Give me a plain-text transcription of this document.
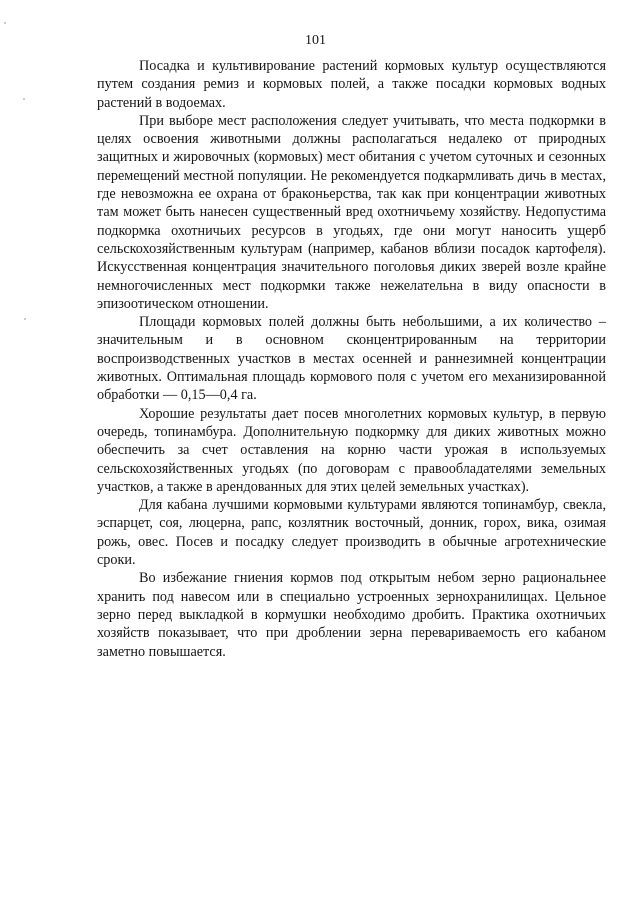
101

Посадка и культивирование растений кормовых культур осуществляются путем создания ремиз и кормовых полей, а также посадки кормовых водных растений в водоемах.

При выборе мест расположения следует учитывать, что места подкормки в целях освоения животными должны располагаться недалеко от природных защитных и жировочных (кормовых) мест обитания с учетом суточных и сезонных перемещений местной популяции. Не рекомендуется подкармливать дичь в местах, где невозможна ее охрана от браконьерства, так как при концентрации животных там может быть нанесен существенный вред охотничьему хозяйству. Недопустима подкормка охотничьих ресурсов в угодьях, где они могут наносить ущерб сельскохозяйственным культурам (например, кабанов вблизи посадок картофеля). Искусственная концентрация значительного поголовья диких зверей возле крайне немногочисленных мест подкормки также нежелательна в виду опасности в эпизоотическом отношении.

Площади кормовых полей должны быть небольшими, а их количество – значительным и в основном сконцентрированным на территории воспроизводственных участков в местах осенней и раннезимней концентрации животных. Оптимальная площадь кормового поля с учетом его механизированной обработки — 0,15—0,4 га.

Хорошие результаты дает посев многолетних кормовых культур, в первую очередь, топинамбура. Дополнительную подкормку для диких животных можно обеспечить за счет оставления на корню части урожая в используемых сельскохозяйственных угодьях (по договорам с правообладателями земельных участков, а также в арендованных для этих целей земельных участках).

Для кабана лучшими кормовыми культурами являются топинамбур, свекла, эспарцет, соя, люцерна, рапс, козлятник восточный, донник, горох, вика, озимая рожь, овес. Посев и посадку следует производить в обычные агротехнические сроки.

Во избежание гниения кормов под открытым небом зерно рациональнее хранить под навесом или в специально устроенных зернохранилищах. Цельное зерно перед выкладкой в кормушки необходимо дробить. Практика охотничьих хозяйств показывает, что при дроблении зерна перевариваемость его кабаном заметно повышается.
